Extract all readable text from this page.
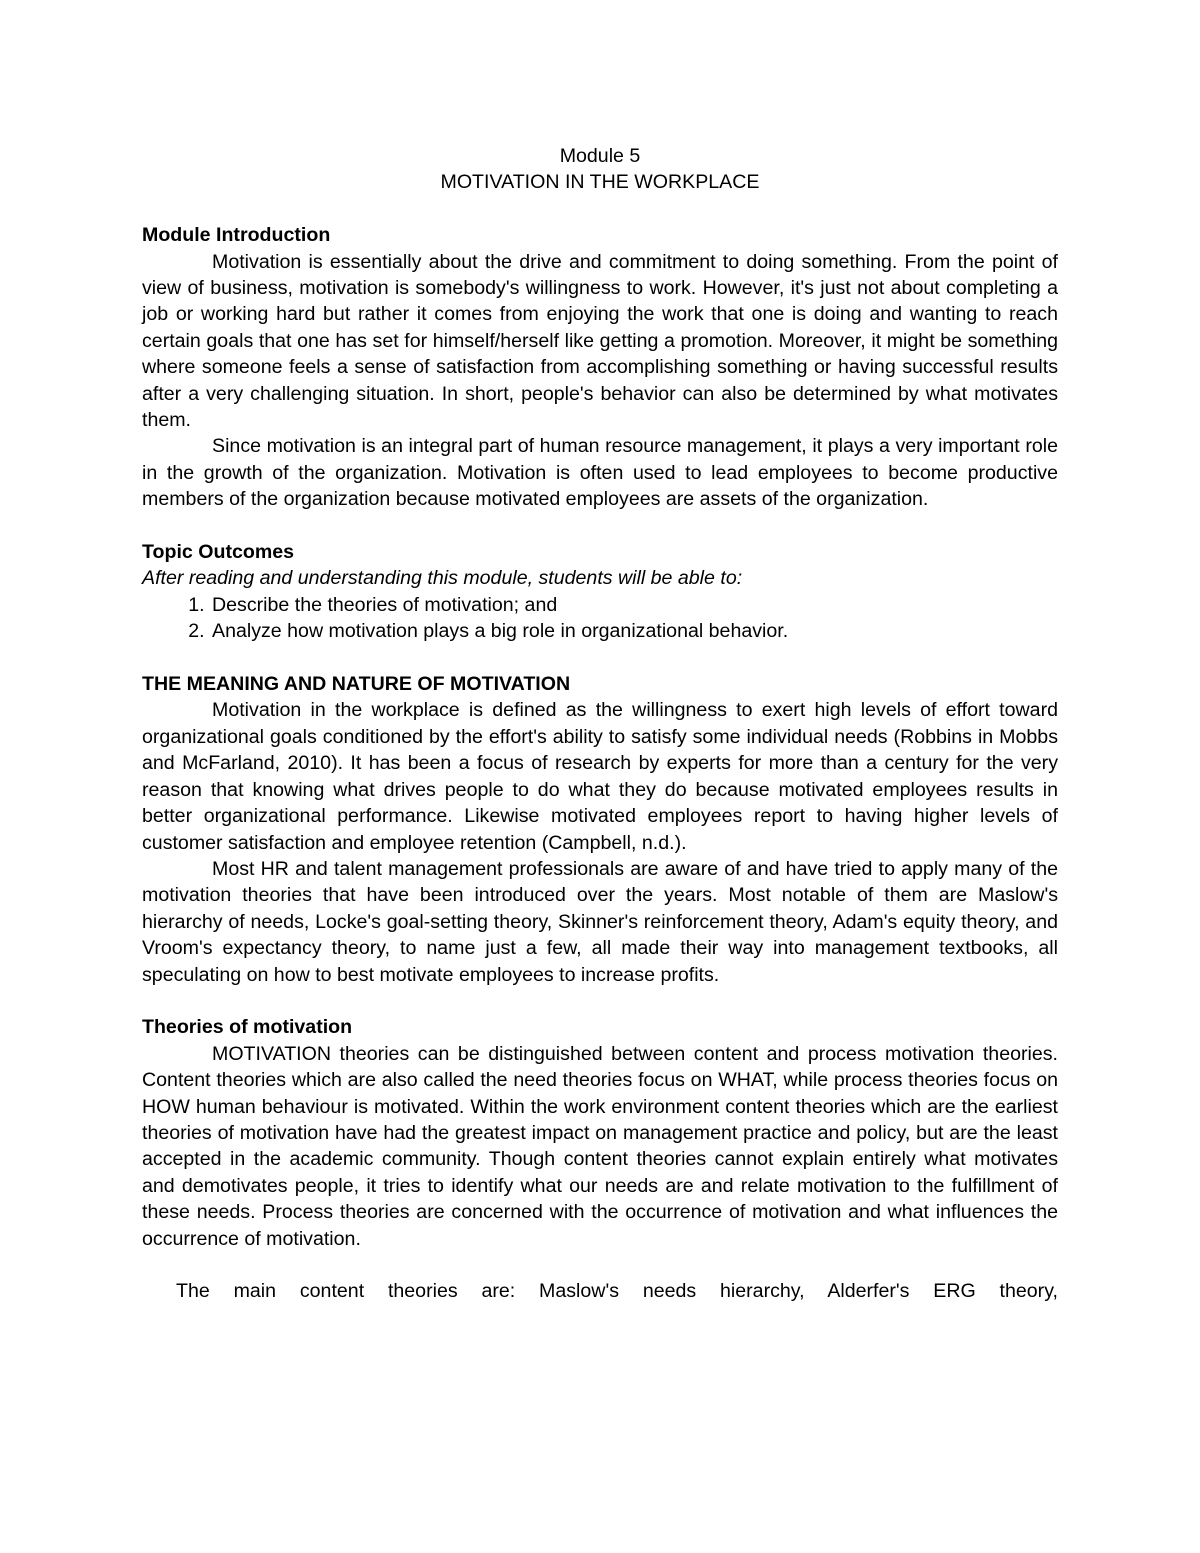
Module 5
MOTIVATION IN THE WORKPLACE
Module Introduction

Motivation is essentially about the drive and commitment to doing something. From the point of view of business, motivation is somebody's willingness to work. However, it's just not about completing a job or working hard but rather it comes from enjoying the work that one is doing and wanting to reach certain goals that one has set for himself/herself like getting a promotion. Moreover, it might be something where someone feels a sense of satisfaction from accomplishing something or having successful results after a very challenging situation. In short, people's behavior can also be determined by what motivates them.

Since motivation is an integral part of human resource management, it plays a very important role in the growth of the organization. Motivation is often used to lead employees to become productive members of the organization because motivated employees are assets of the organization.

Topic Outcomes
After reading and understanding this module, students will be able to:
1. Describe the theories of motivation; and
2. Analyze how motivation plays a big role in organizational behavior.
THE MEANING AND NATURE OF MOTIVATION

Motivation in the workplace is defined as the willingness to exert high levels of effort toward organizational goals conditioned by the effort's ability to satisfy some individual needs (Robbins in Mobbs and McFarland, 2010). It has been a focus of research by experts for more than a century for the very reason that knowing what drives people to do what they do because motivated employees results in better organizational performance. Likewise motivated employees report to having higher levels of customer satisfaction and employee retention (Campbell, n.d.).

Most HR and talent management professionals are aware of and have tried to apply many of the motivation theories that have been introduced over the years. Most notable of them are Maslow's hierarchy of needs, Locke's goal-setting theory, Skinner's reinforcement theory, Adam's equity theory, and Vroom's expectancy theory, to name just a few, all made their way into management textbooks, all speculating on how to best motivate employees to increase profits.

Theories of motivation

MOTIVATION theories can be distinguished between content and process motivation theories. Content theories which are also called the need theories focus on WHAT, while process theories focus on HOW human behaviour is motivated. Within the work environment content theories which are the earliest theories of motivation have had the greatest impact on management practice and policy, but are the least accepted in the academic community. Though content theories cannot explain entirely what motivates and demotivates people, it tries to identify what our needs are and relate motivation to the fulfillment of these needs. Process theories are concerned with the occurrence of motivation and what influences the occurrence of motivation.

The main content theories are: Maslow's needs hierarchy, Alderfer's ERG theory,
